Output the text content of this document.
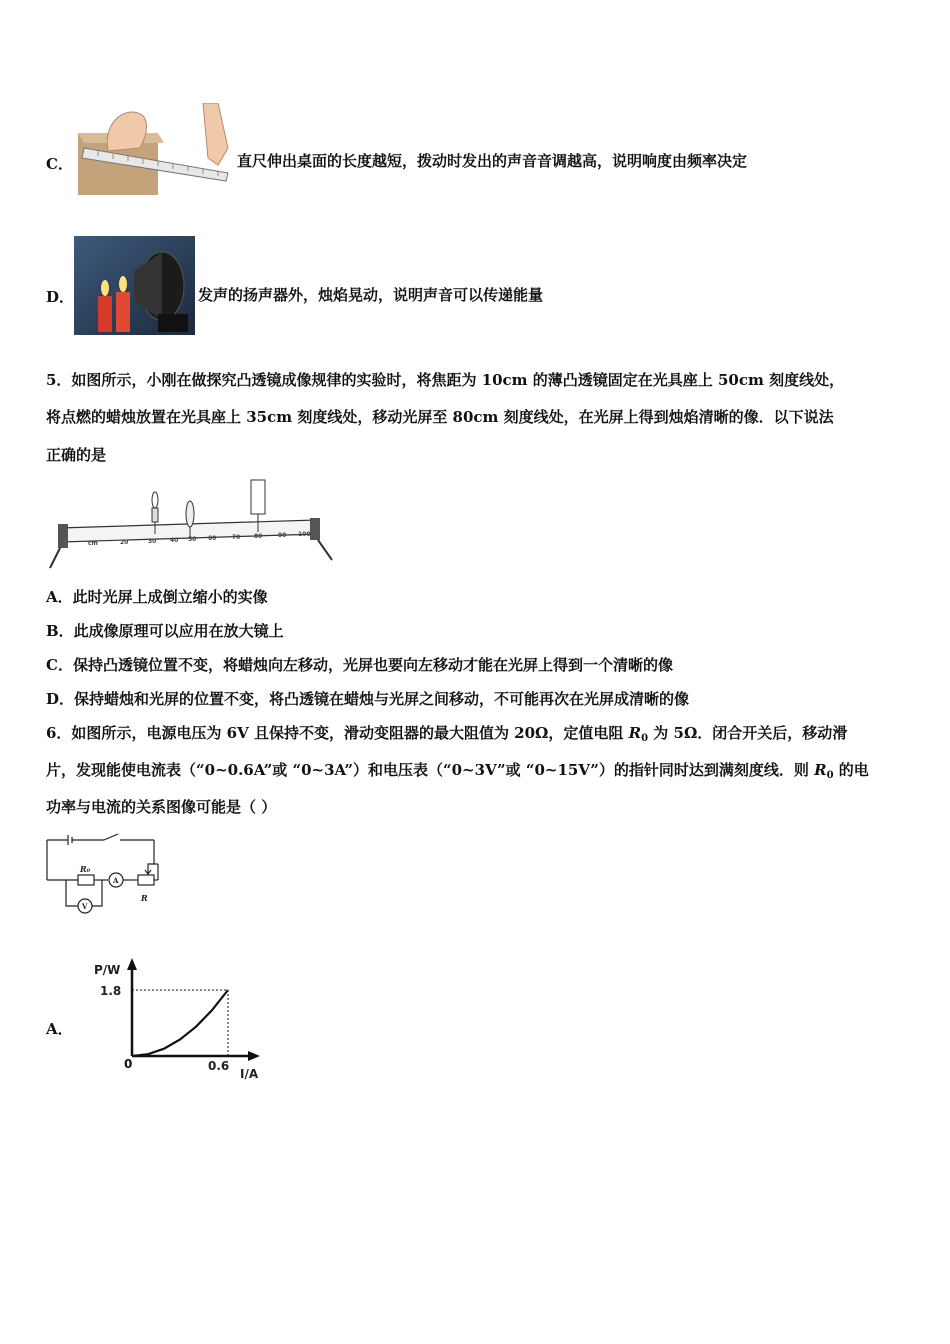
C．	直尺伸出桌面的长度越短，拨动时发出的声音音调越高，说明响度由频率决定
D．	发声的扬声器外，烛焰晃动，说明声音可以传递能量
5．如图所示，小刚在做探究凸透镜成像规律的实验时，将焦距为 10cm 的薄凸透镜固定在光具座上 50cm 刻度线处，
将点燃的蜡烛放置在光具座上 35cm 刻度线处，移动光屏至 80cm 刻度线处，在光屏上得到烛焰清晰的像．以下说法
正确的是
cm	20	30 40 50 60	70 80	90 100
A．此时光屏上成倒立缩小的实像
B．此成像原理可以应用在放大镜上
C．保持凸透镜位置不变，将蜡烛向左移动，光屏也要向左移动才能在光屏上得到一个清晰的像
D．保持蜡烛和光屏的位置不变，将凸透镜在蜡烛与光屏之间移动，不可能再次在光屏成清晰的像
6．如图所示，电源电压为 6V 且保持不变，滑动变阻器的最大阻值为 20Ω，定值电阻 $R_0$ 为 5Ω．闭合开关后，移动滑
片，发现能使电流表（“0~0.6A”或 “0~3A”）和电压表（“0~3V”或 “0~15V”）的指针同时达到满刻度线．则 $R_0$ 的电
功率与电流的关系图像可能是（ ）
R₀
A
V
R
A．
P/W
I/A
1.8
0.6
0
